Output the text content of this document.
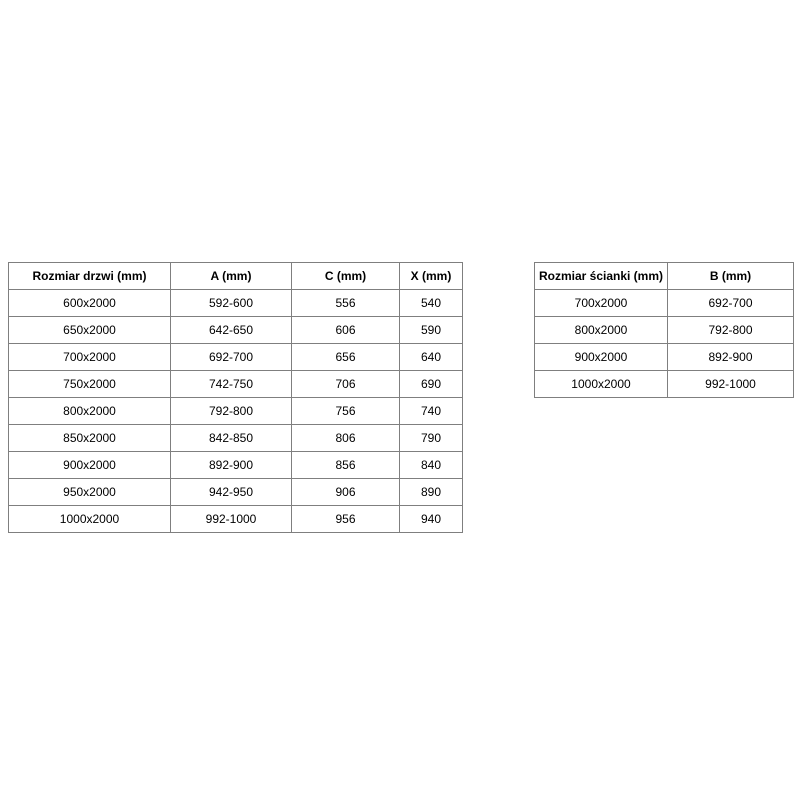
Rozmiar drzwi (mm)	A (mm)	C (mm)	X (mm)
600x2000	592-600	556	540
650x2000	642-650	606	590
700x2000	692-700	656	640
750x2000	742-750	706	690
800x2000	792-800	756	740
850x2000	842-850	806	790
900x2000	892-900	856	840
950x2000	942-950	906	890
1000x2000	992-1000	956	940
Rozmiar ścianki (mm)	B (mm)
700x2000	692-700
800x2000	792-800
900x2000	892-900
1000x2000	992-1000
